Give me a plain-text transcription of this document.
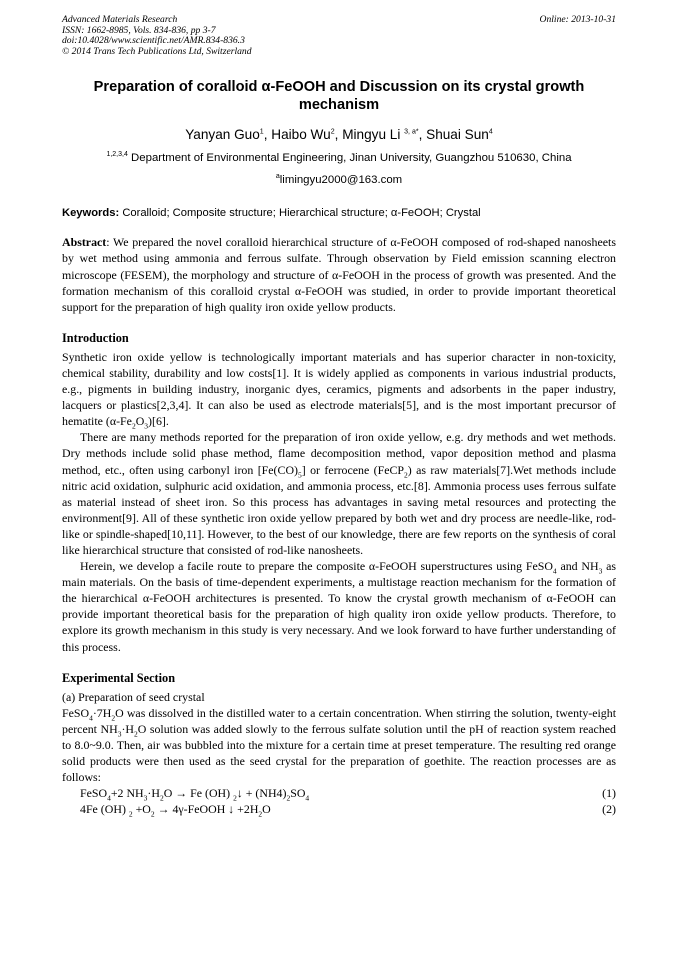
Advanced Materials Research
ISSN: 1662-8985, Vols. 834-836, pp 3-7
doi:10.4028/www.scientific.net/AMR.834-836.3
© 2014 Trans Tech Publications Ltd, Switzerland
Online: 2013-10-31
Preparation of coralloid α-FeOOH and Discussion on its crystal growth mechanism
Yanyan Guo$^1$, Haibo Wu$^2$, Mingyu Li $^{3, a*}$, Shuai Sun$^4$
$^{1,2,3,4}$ Department of Environmental Engineering, Jinan University, Guangzhou 510630, China
$^a$limingyu2000@163.com
Keywords: Coralloid; Composite structure; Hierarchical structure; α-FeOOH; Crystal

Abstract: We prepared the novel coralloid hierarchical structure of α-FeOOH composed of rod-shaped nanosheets by wet method using ammonia and ferrous sulfate. Through observation by Field emission scanning electron microscope (FESEM), the morphology and structure of α-FeOOH in the process of growth was presented. And the formation mechanism of this coralloid crystal α-FeOOH was studied, in order to provide important theoretical support for the preparation of high quality iron oxide yellow products.

Introduction

Synthetic iron oxide yellow is technologically important materials and has superior character in non-toxicity, chemical stability, durability and low costs[1]. It is widely applied as components in various industrial products, e.g., pigments in building industry, inorganic dyes, ceramics, pigments and adsorbents in the paper industry, lacquers or plastics[2,3,4]. It can also be used as electrode materials[5], and is the most important precursor of hematite $(\alpha-Fe_2O_3)[6]$.

There are many methods reported for the preparation of iron oxide yellow, e.g. dry methods and wet methods. Dry methods include solid phase method, flame decomposition method, vapor deposition method and plasma method, etc., often using carbonyl iron $[Fe(CO)_5]$ or ferrocene (FeCP$_2$) as raw materials[7].Wet methods include nitric acid oxidation, sulphuric acid oxidation, and ammonia process, etc.[8]. Ammonia process uses ferrous sulfate as material instead of sheet iron. So this process has advantages in saving metal resources and protecting the environment[9]. All of these synthetic iron oxide yellow prepared by both wet and dry process are needle-like, rod-like or spindle-shaped[10,11]. However, to the best of our knowledge, there are few reports on the synthesis of coral like hierarchical structure that consisted of rod-like nanosheets.

Herein, we develop a facile route to prepare the composite α-FeOOH superstructures using FeSO$_4$ and $NH_3$ as main materials. On the basis of time-dependent experiments, a multistage reaction mechanism for the formation of the hierarchical α-FeOOH architectures is presented. To know the crystal growth mechanism of α-FeOOH can provide important theoretical basis for the preparation of high quality iron oxide yellow products. Therefore, to explore its growth mechanism in this study is very necessary. And we look forward to have further understanding of this process.

Experimental Section
(a) Preparation of seed crystal

$FeSO_4\cdot 7H_2O$ was dissolved in the distilled water to a certain concentration. When stirring the solution, twenty-eight percent $NH_3\cdot H_2O$ solution was added slowly to the ferrous sulfate solution until the pH of reaction system reached to 8.0~9.0. Then, air was bubbled into the mixture for a certain time at preset temperature. The resulting red orange solid products were then used as the seed crystal for the preparation of goethite. The reaction processes are as follows:

FeSO$_4$+2 $NH_3\cdot H_2O \to Fe$ (OH) $_2$↓ + $(NH4)_2SO_4$	(1)
4Fe (OH) $_2 +O_2$ → 4γ-FeOOH ↓ $+2H_2O$	(2)
